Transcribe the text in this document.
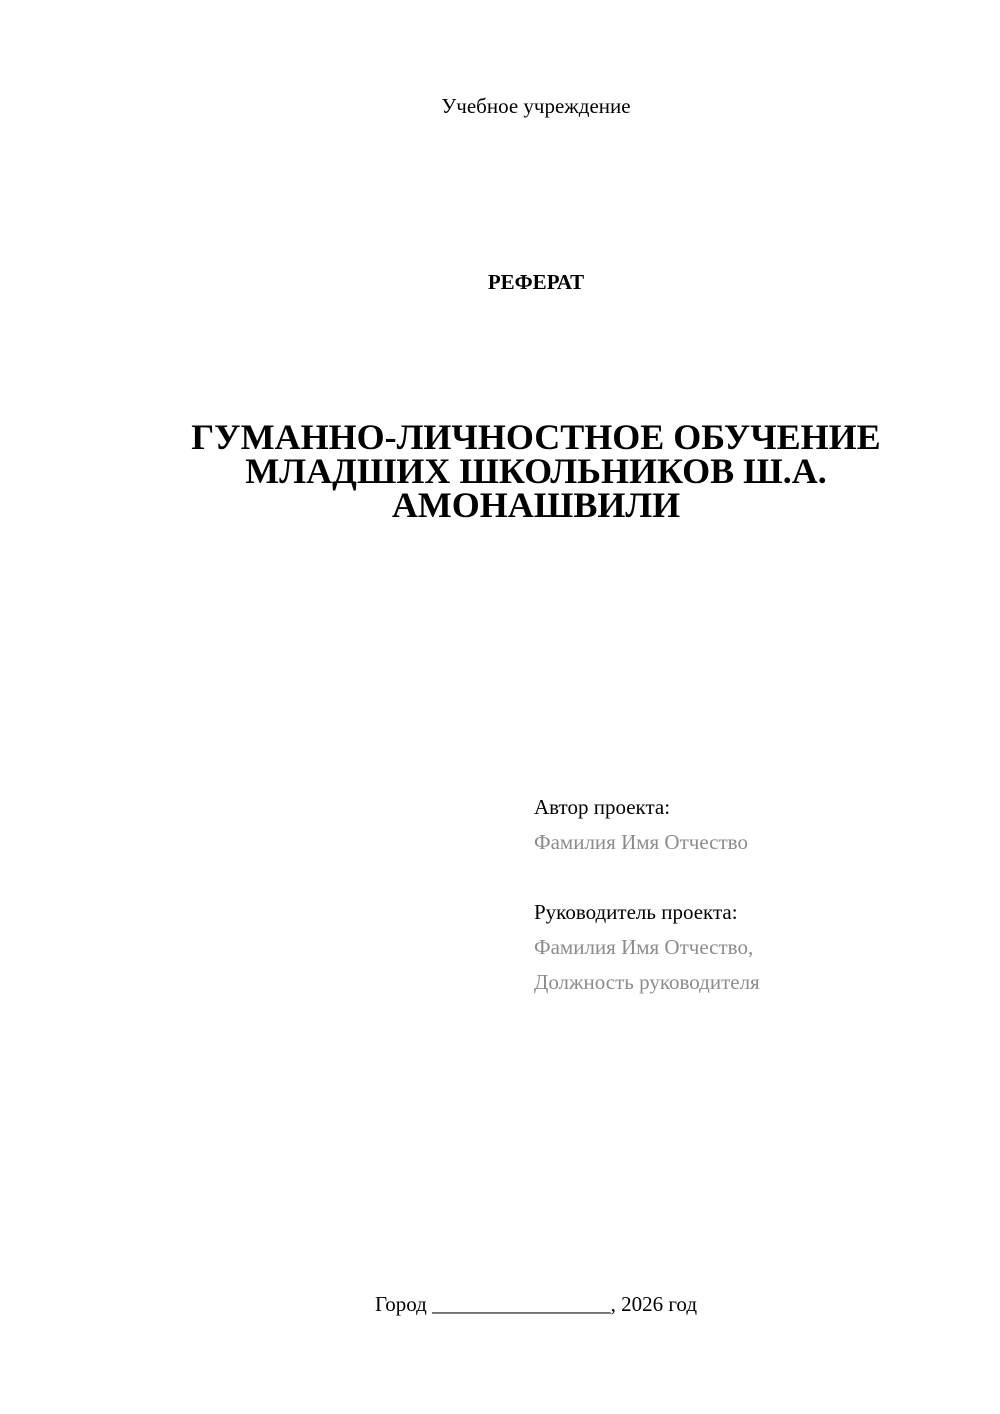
Учебное учреждение
РЕФЕРАТ
ГУМАННО-ЛИЧНОСТНОЕ ОБУЧЕНИЕ
МЛАДШИХ ШКОЛЬНИКОВ Ш.А.
АМОНАШВИЛИ
Автор проекта:
Фамилия Имя Отчество
Руководитель проекта:
Фамилия Имя Отчество,
Должность руководителя
Город _________________, 2026 год
